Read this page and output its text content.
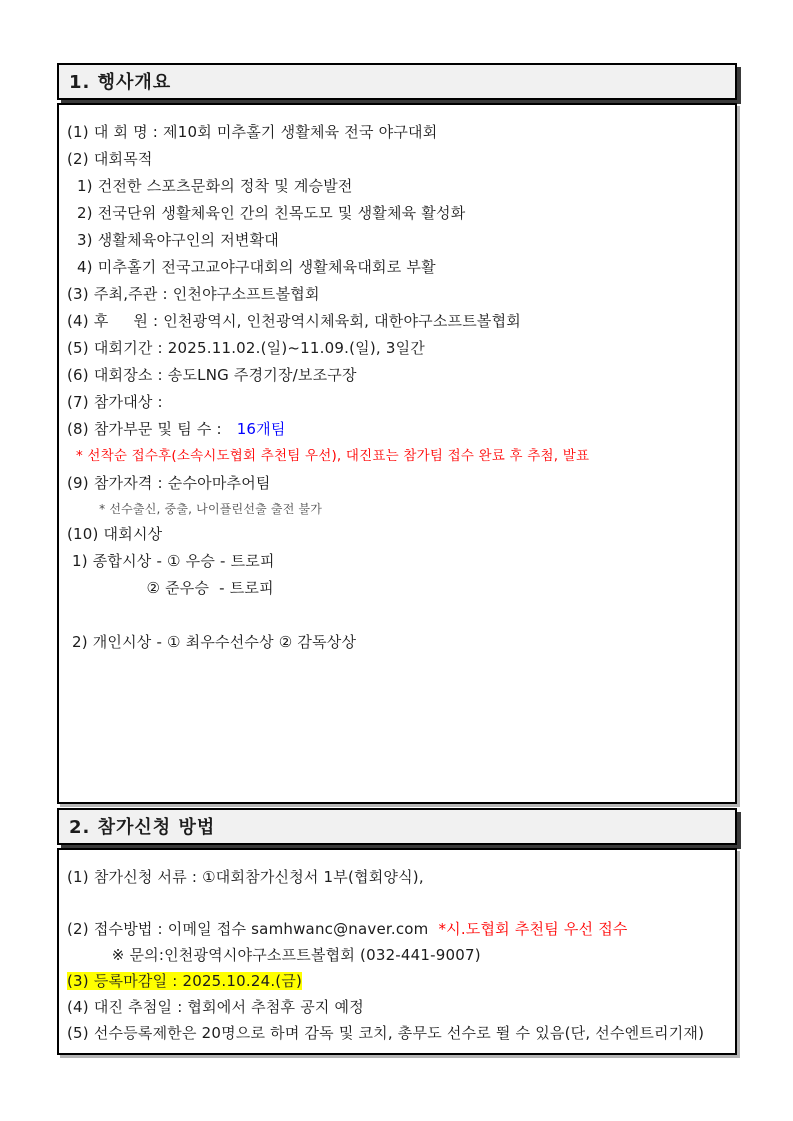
1. 행사개요
(1) 대 회 명 : 제10회 미추홀기 생활체육 전국 야구대회
(2) 대회목적
1) 건전한 스포츠문화의 정착 및 계승발전
2) 전국단위 생활체육인 간의 친목도모 및 생활체육 활성화
3) 생활체육야구인의 저변확대
4) 미추홀기 전국고교야구대회의 생활체육대회로 부활
(3) 주최,주관 : 인천야구소프트볼협회
(4) 후     원 : 인천광역시, 인천광역시체육회, 대한야구소프트볼협회
(5) 대회기간 : 2025.11.02.(일)~11.09.(일), 3일간
(6) 대회장소 : 송도LNG 주경기장/보조구장
(7) 참가대상 :
(8) 참가부문 및 팀 수 :   16개팀
* 선착순 접수후(소속시도협회 추천팀 우선), 대진표는 참가팀 접수 완료 후 추첨, 발표
(9) 참가자격 : 순수아마추어팀
* 선수출신, 중출, 나이플린선출 출전 불가
(10) 대회시상
1) 종합시상 - ① 우승 - 트로피
② 준우승  - 트로피

2) 개인시상 - ① 최우수선수상 ② 감독상상
2. 참가신청 방법
(1) 참가신청 서류 : ①대회참가신청서 1부(협회양식),

(2) 접수방법 : 이메일 접수 samhwanc@naver.com *시.도협회 추천팀 우선 접수
※ 문의:인천광역시야구소프트볼협회 (032-441-9007)
(3) 등록마감일 : 2025.10.24.(금)
(4) 대진 추첨일 : 협회에서 추첨후 공지 예정
(5) 선수등록제한은 20명으로 하며 감독 및 코치, 총무도 선수로 뛸 수 있음(단, 선수엔트리기재)
